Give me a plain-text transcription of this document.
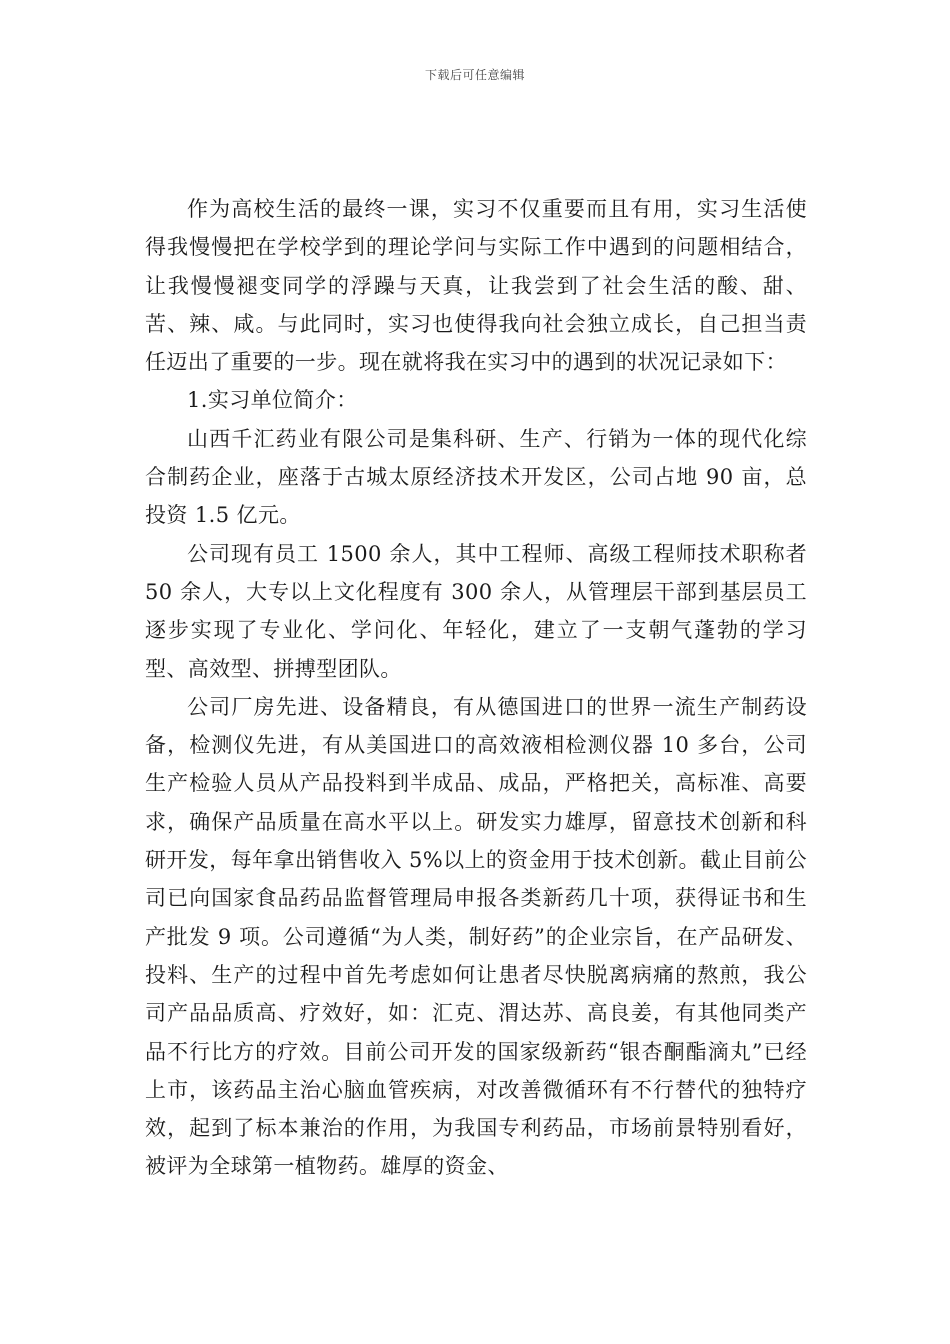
下载后可任意编辑

作为高校生活的最终一课，实习不仅重要而且有用，实习生活使得我慢慢把在学校学到的理论学问与实际工作中遇到的问题相结合，让我慢慢褪变同学的浮躁与天真，让我尝到了社会生活的酸、甜、苦、辣、咸。与此同时，实习也使得我向社会独立成长，自己担当责任迈出了重要的一步。现在就将我在实习中的遇到的状况记录如下：

1.实习单位简介：

山西千汇药业有限公司是集科研、生产、行销为一体的现代化综合制药企业，座落于古城太原经济技术开发区，公司占地 90 亩，总 投资 1.5 亿元。

公司现有员工 1500 余人，其中工程师、高级工程师技术职称者 50 余人，大专以上文化程度有 300 余人，从管理层干部到基层员工逐步实现了专业化、学问化、年轻化，建立了一支朝气蓬勃的学习型、高效型、拼搏型团队。

公司厂房先进、设备精良，有从德国进口的世界一流生产制药设备，检测仪先进，有从美国进口的高效液相检测仪器 10 多台，公司生产检验人员从产品投料到半成品、成品，严格把关，高标准、高要求，确保产品质量在高水平以上。研发实力雄厚，留意技术创新和科研开发，每年拿出销售收入 5%以上的资金用于技术创新。截止目前公司已向国家食品药品监督管理局申报各类新药几十项，获得证书和生产批发 9 项。公司遵循“为人类，制好药”的企业宗旨，在产品研发、投料、生产的过程中首先考虑如何让患者尽快脱离病痛的熬煎，我公司产品品质高、疗效好，如：汇克、渭达苏、高良姜，有其他同类产品不行比方的疗效。目前公司开发的国家级新药“银杏酮酯滴丸”已经上市，该药品主治心脑血管疾病，对改善微循环有不行替代的独特疗效，起到了标本兼治的作用，为我国专利药品，市场前景特别看好，被评为全球第一植物药。雄厚的资金、
